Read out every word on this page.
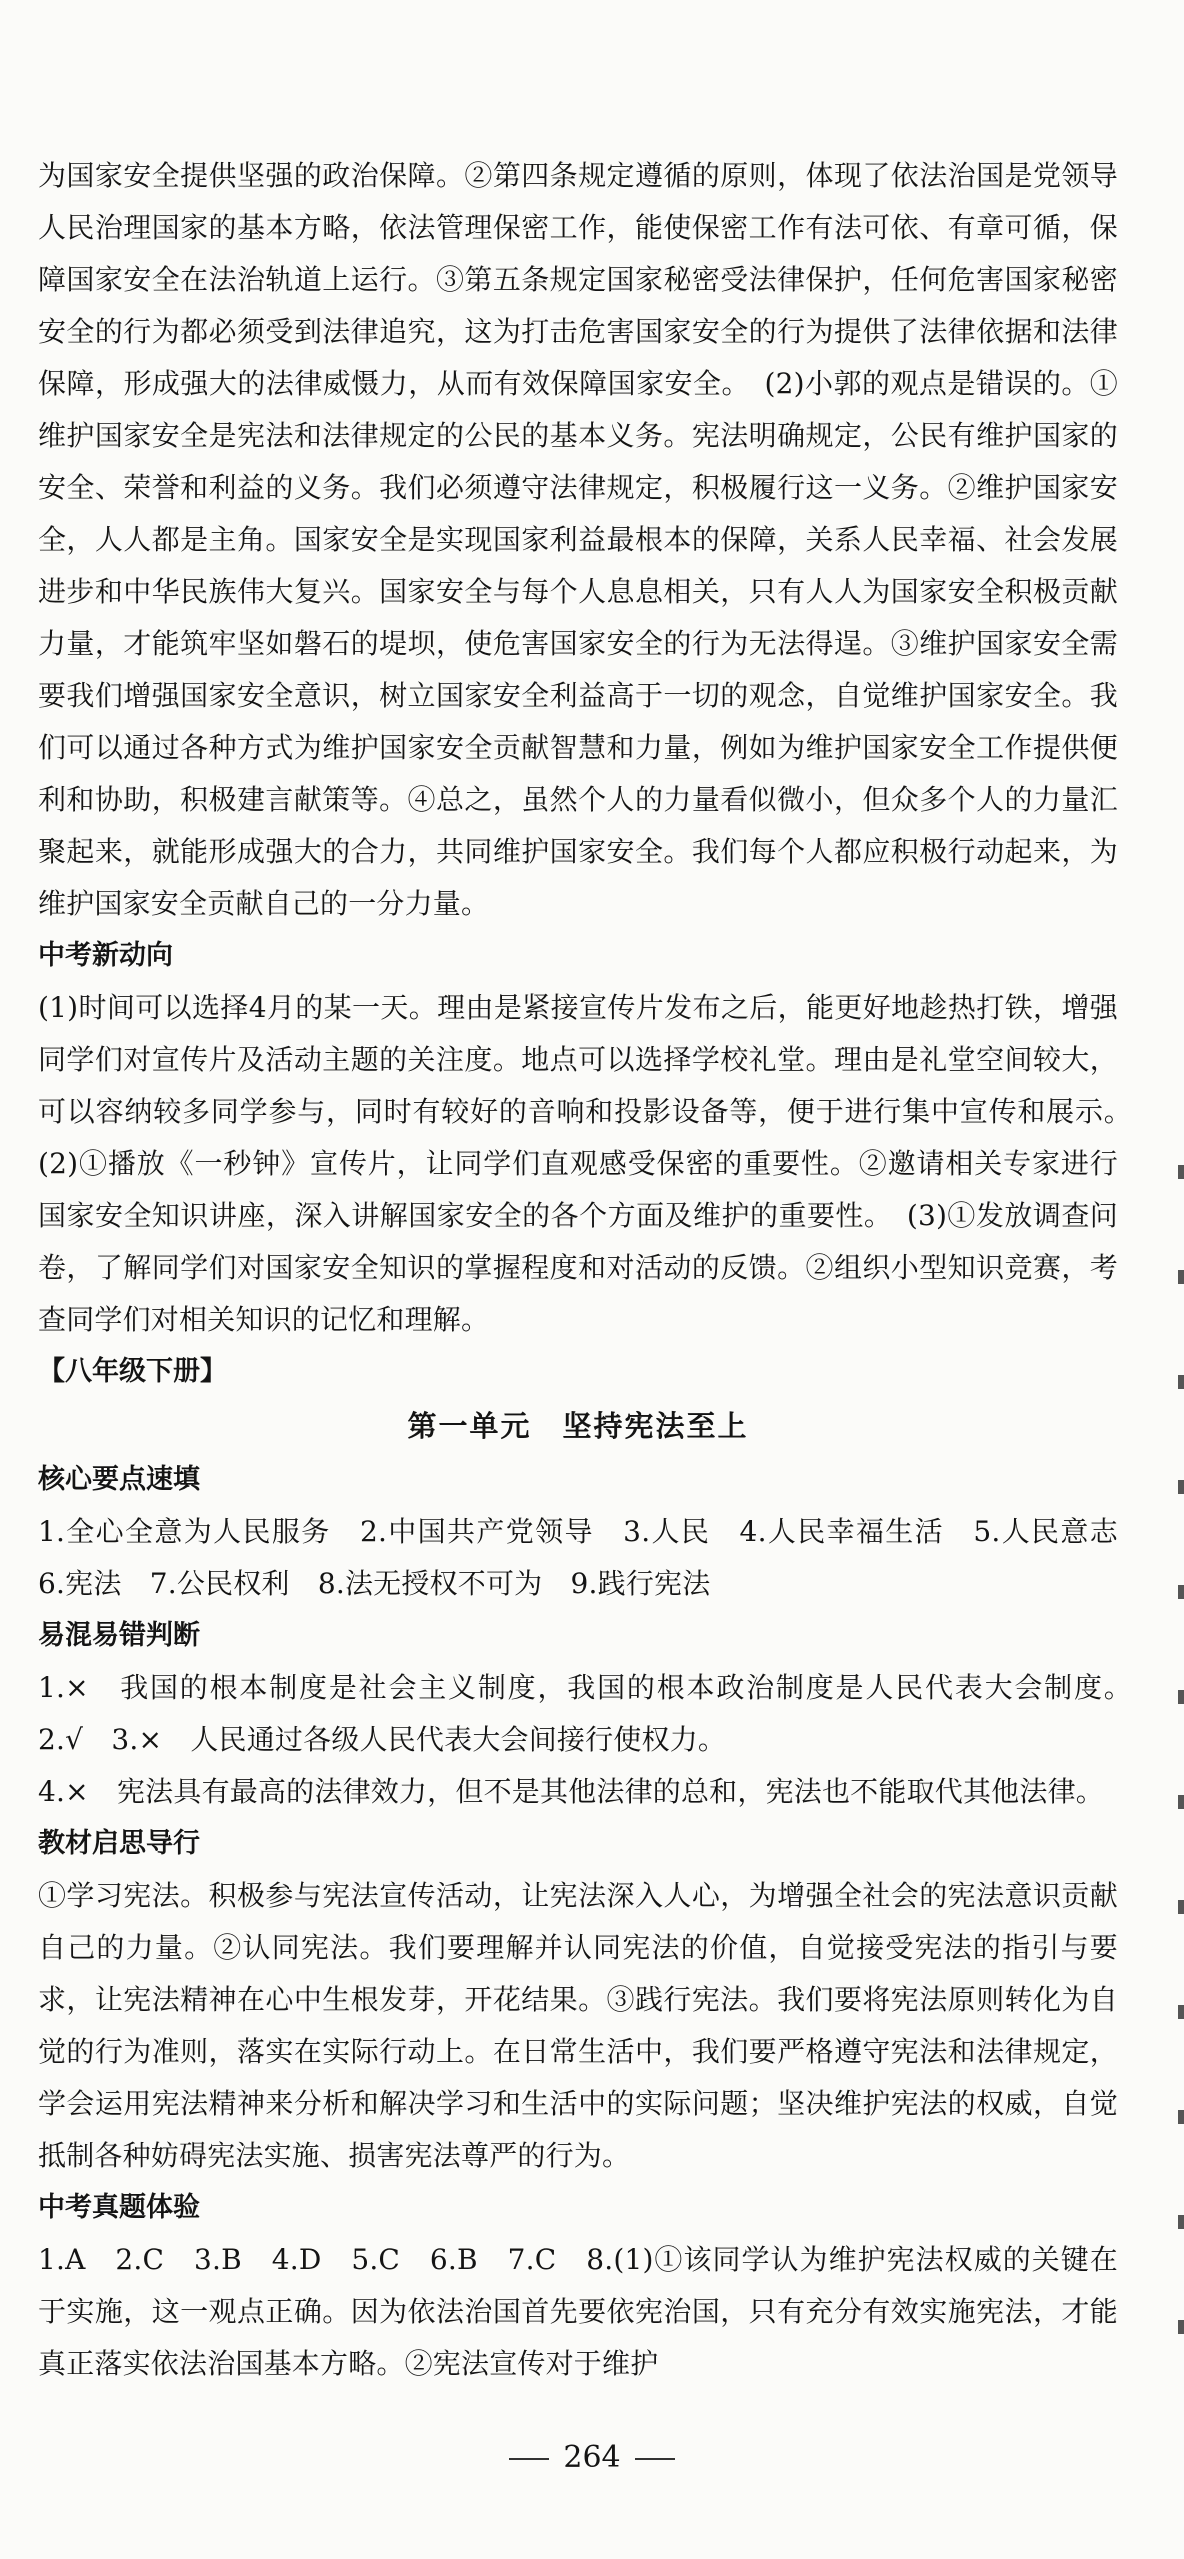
为国家安全提供坚强的政治保障。②第四条规定遵循的原则，体现了依法治国是党领导人民治理国家的基本方略，依法管理保密工作，能使保密工作有法可依、有章可循，保障国家安全在法治轨道上运行。③第五条规定国家秘密受法律保护，任何危害国家秘密安全的行为都必须受到法律追究，这为打击危害国家安全的行为提供了法律依据和法律保障，形成强大的法律威慑力，从而有效保障国家安全。　(2)小郭的观点是错误的。①维护国家安全是宪法和法律规定的公民的基本义务。宪法明确规定，公民有维护国家的安全、荣誉和利益的义务。我们必须遵守法律规定，积极履行这一义务。②维护国家安全，人人都是主角。国家安全是实现国家利益最根本的保障，关系人民幸福、社会发展进步和中华民族伟大复兴。国家安全与每个人息息相关，只有人人为国家安全积极贡献力量，才能筑牢坚如磐石的堤坝，使危害国家安全的行为无法得逞。③维护国家安全需要我们增强国家安全意识，树立国家安全利益高于一切的观念，自觉维护国家安全。我们可以通过各种方式为维护国家安全贡献智慧和力量，例如为维护国家安全工作提供便利和协助，积极建言献策等。④总之，虽然个人的力量看似微小，但众多个人的力量汇聚起来，就能形成强大的合力，共同维护国家安全。我们每个人都应积极行动起来，为维护国家安全贡献自己的一分力量。

中考新动向

(1)时间可以选择4月的某一天。理由是紧接宣传片发布之后，能更好地趁热打铁，增强同学们对宣传片及活动主题的关注度。地点可以选择学校礼堂。理由是礼堂空间较大，可以容纳较多同学参与，同时有较好的音响和投影设备等，便于进行集中宣传和展示。　(2)①播放《一秒钟》宣传片，让同学们直观感受保密的重要性。②邀请相关专家进行国家安全知识讲座，深入讲解国家安全的各个方面及维护的重要性。　(3)①发放调查问卷，了解同学们对国家安全知识的掌握程度和对活动的反馈。②组织小型知识竞赛，考查同学们对相关知识的记忆和理解。

【八年级下册】

第一单元　坚持宪法至上

核心要点速填

1.全心全意为人民服务　2.中国共产党领导　3.人民　4.人民幸福生活　5.人民意志　6.宪法　7.公民权利　8.法无授权不可为　9.践行宪法

易混易错判断

1.×　我国的根本制度是社会主义制度，我国的根本政治制度是人民代表大会制度。　2.√　3.×　人民通过各级人民代表大会间接行使权力。

4.×　宪法具有最高的法律效力，但不是其他法律的总和，宪法也不能取代其他法律。

教材启思导行

①学习宪法。积极参与宪法宣传活动，让宪法深入人心，为增强全社会的宪法意识贡献自己的力量。②认同宪法。我们要理解并认同宪法的价值，自觉接受宪法的指引与要求，让宪法精神在心中生根发芽，开花结果。③践行宪法。我们要将宪法原则转化为自觉的行为准则，落实在实际行动上。在日常生活中，我们要严格遵守宪法和法律规定，学会运用宪法精神来分析和解决学习和生活中的实际问题；坚决维护宪法的权威，自觉抵制各种妨碍宪法实施、损害宪法尊严的行为。

中考真题体验

1.A　2.C　3.B　4.D　5.C　6.B　7.C　8.(1)①该同学认为维护宪法权威的关键在于实施，这一观点正确。因为依法治国首先要依宪治国，只有充分有效实施宪法，才能真正落实依法治国基本方略。②宪法宣传对于维护

264
